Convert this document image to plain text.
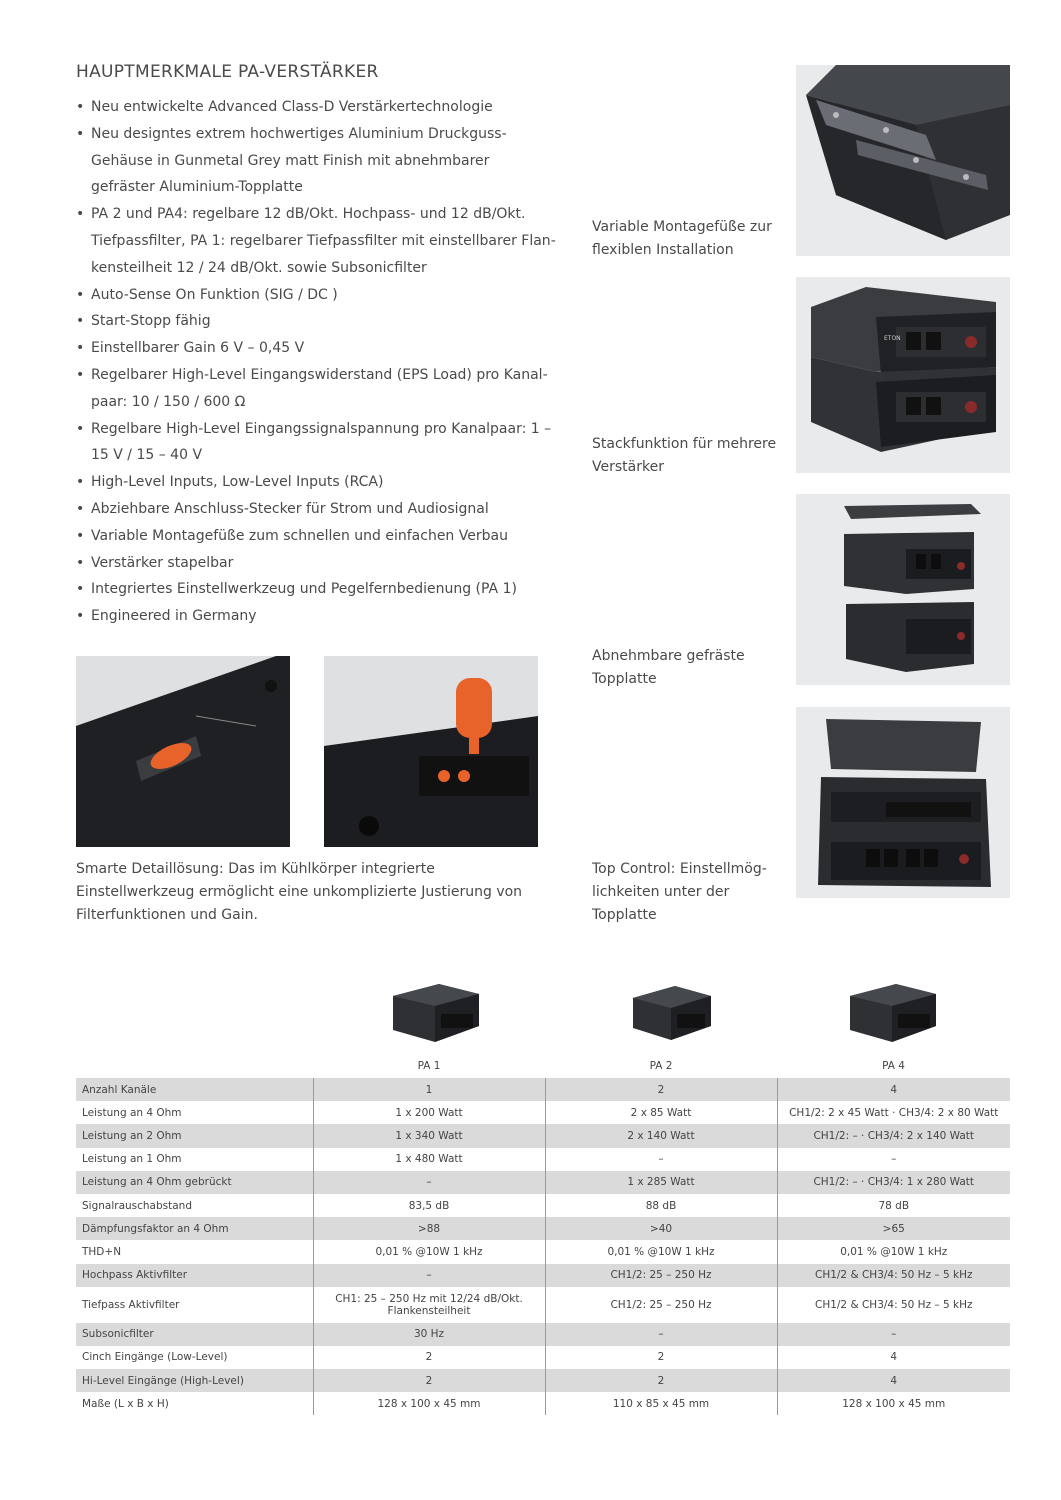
HAUPTMERKMALE PA-VERSTÄRKER
• Neu entwickelte Advanced Class-D Verstärkertechnologie
• Neu designtes extrem hochwertiges Aluminium Druckguss-Gehäuse in Gunmetal Grey matt Finish mit abnehmbarer gefräster Aluminium-Topplatte
• PA 2 und PA4: regelbare 12 dB/Okt. Hochpass- und 12 dB/Okt. Tiefpassfilter, PA 1: regelbarer Tiefpassfilter mit einstellbarer Flankensteilheit 12 / 24 dB/Okt. sowie Subsonicfilter
• Auto-Sense On Funktion (SIG / DC )
• Start-Stopp fähig
• Einstellbarer Gain 6 V – 0,45 V
• Regelbarer High-Level Eingangswiderstand (EPS Load) pro Kanalpaar: 10 / 150 / 600 Ω
• Regelbare High-Level Eingangssignalspannung pro Kanalpaar: 1 – 15 V / 15 – 40 V
• High-Level Inputs, Low-Level Inputs (RCA)
• Abziehbare Anschluss-Stecker für Strom und Audiosignal
• Variable Montagefüße zum schnellen und einfachen Verbau
• Verstärker stapelbar
• Integriertes Einstellwerkzeug und Pegelfernbedienung (PA 1)
• Engineered in Germany

Variable Montagefüße zur flexiblen Installation

ETON

Stackfunktion für mehrere Verstärker

Abnehmbare gefräste Topplatte

Top Control: Einstellmöglichkeiten unter der Topplatte

Smarte Detaillösung: Das im Kühlkörper integrierte Einstellwerkzeug ermöglicht eine unkomplizierte Justierung von Filterfunktionen und Gain.

	PA 1	PA 2	PA 4
Anzahl Kanäle	1	2	4
Leistung an 4 Ohm	1 x 200 Watt	2 x 85 Watt	CH1/2: 2 x 45 Watt · CH3/4: 2 x 80 Watt
Leistung an 2 Ohm	1 x 340 Watt	2 x 140 Watt	CH1/2: – · CH3/4: 2 x 140 Watt
Leistung an 1 Ohm	1 x 480 Watt	–	–
Leistung an 4 Ohm gebrückt	–	1 x 285 Watt	CH1/2: – · CH3/4: 1 x 280 Watt
Signalrauschabstand	83,5 dB	88 dB	78 dB
Dämpfungsfaktor an 4 Ohm	>88	>40	>65
THD+N	0,01 % @10W 1 kHz	0,01 % @10W 1 kHz	0,01 % @10W 1 kHz
Hochpass Aktivfilter	–	CH1/2: 25 – 250 Hz	CH1/2 & CH3/4: 50 Hz – 5 kHz
Tiefpass Aktivfilter	CH1: 25 – 250 Hz mit 12/24 dB/Okt. Flankensteilheit	CH1/2: 25 – 250 Hz	CH1/2 & CH3/4: 50 Hz – 5 kHz
Subsonicfilter	30 Hz	–	–
Cinch Eingänge (Low-Level)	2	2	4
Hi-Level Eingänge (High-Level)	2	2	4
Maße (L x B x H)	128 x 100 x 45 mm	110 x 85 x 45 mm	128 x 100 x 45 mm
